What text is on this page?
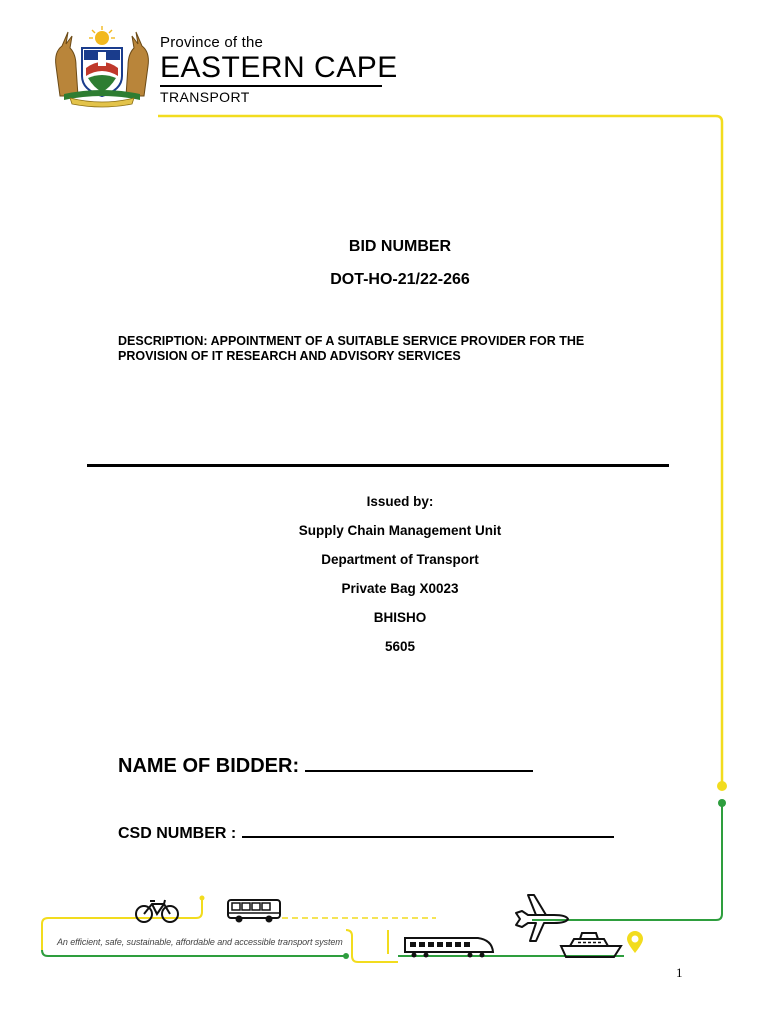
Province of the
EASTERN CAPE
TRANSPORT
An efficient, safe, sustainable, affordable and accessible transport system
BID NUMBER
DOT-HO-21/22-266
DESCRIPTION: APPOINTMENT OF A SUITABLE SERVICE PROVIDER FOR THE
PROVISION OF IT RESEARCH AND ADVISORY SERVICES
Issued by:
Supply Chain Management Unit
Department of Transport
Private Bag X0023
BHISHO
5605
NAME OF BIDDER:
CSD NUMBER :
1
